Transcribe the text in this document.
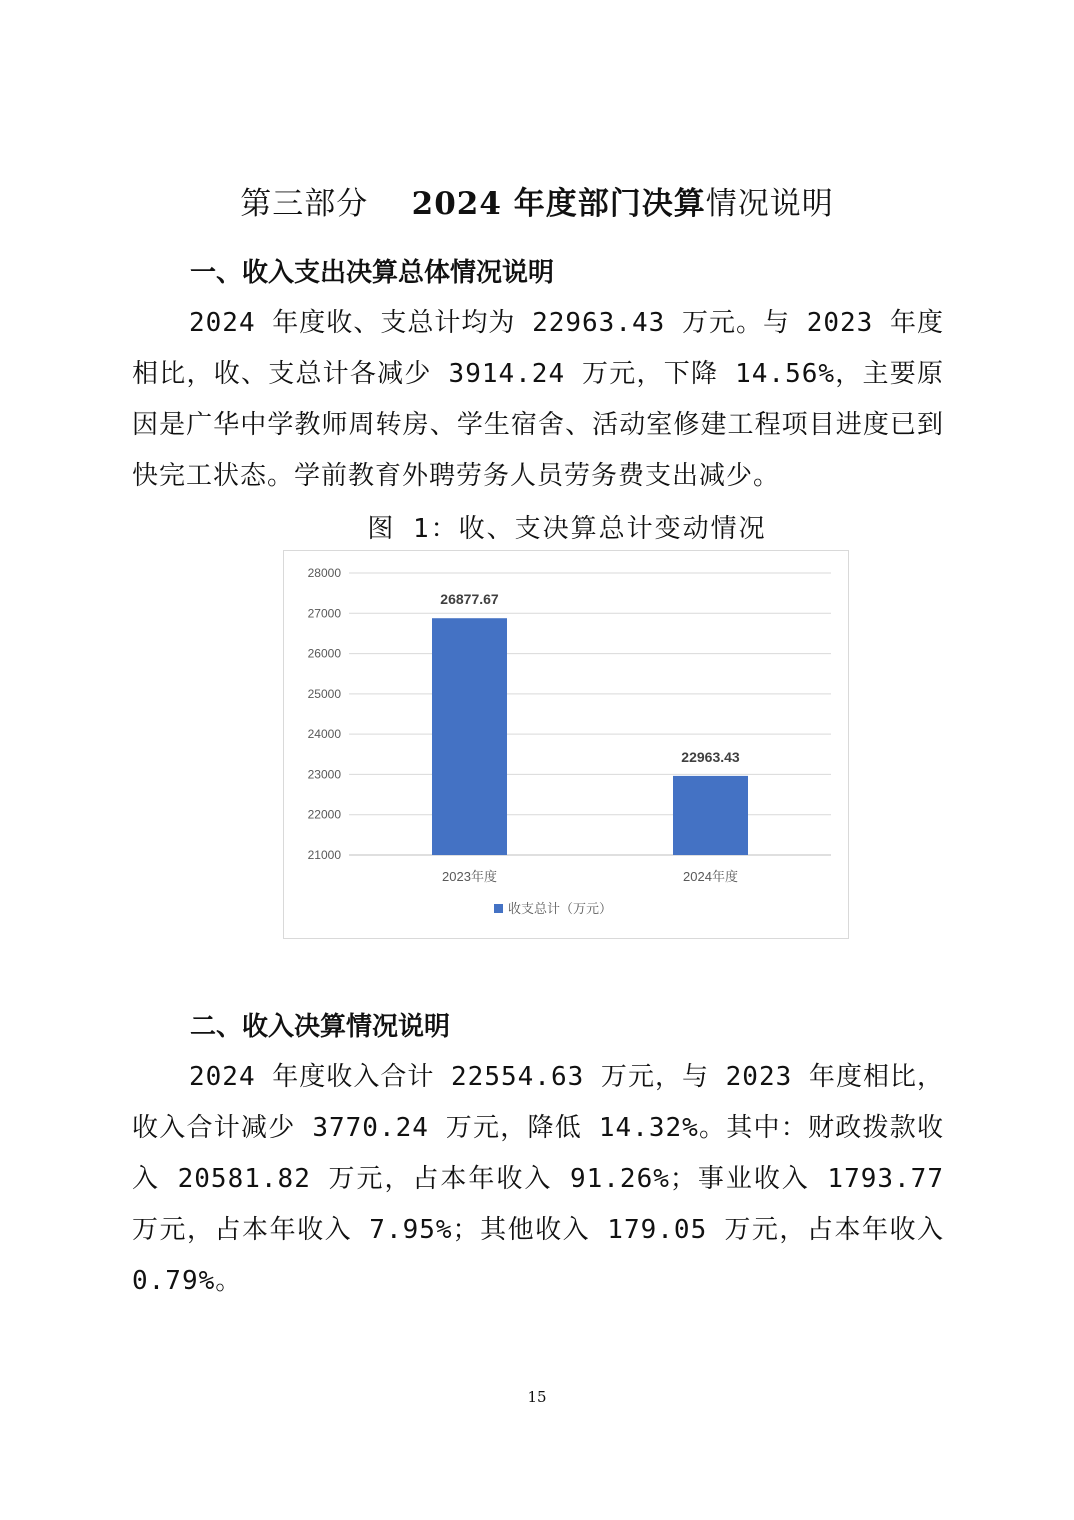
第三部分 2024 年度部门决算情况说明
一、收入支出决算总体情况说明

2024 年度收、支总计均为 22963.43 万元。与 2023 年度相比，收、支总计各减少 3914.24 万元，下降 14.56%，主要原因是广华中学教师周转房、学生宿舍、活动室修建工程项目进度已到快完工状态。学前教育外聘劳务人员劳务费支出减少。

图 1：收、支决算总计变动情况

21000
22000
23000
24000
25000
26000
27000
28000
26877.67
2023年度
22963.43
2024年度
收支总计（万元）
二、收入决算情况说明

2024 年度收入合计 22554.63 万元，与 2023 年度相比，收入合计减少 3770.24 万元，降低 14.32%。其中：财政拨款收入 20581.82 万元，占本年收入 91.26%；事业收入 1793.77 万元，占本年收入 7.95%；其他收入 179.05 万元，占本年收入 0.79%。

15
